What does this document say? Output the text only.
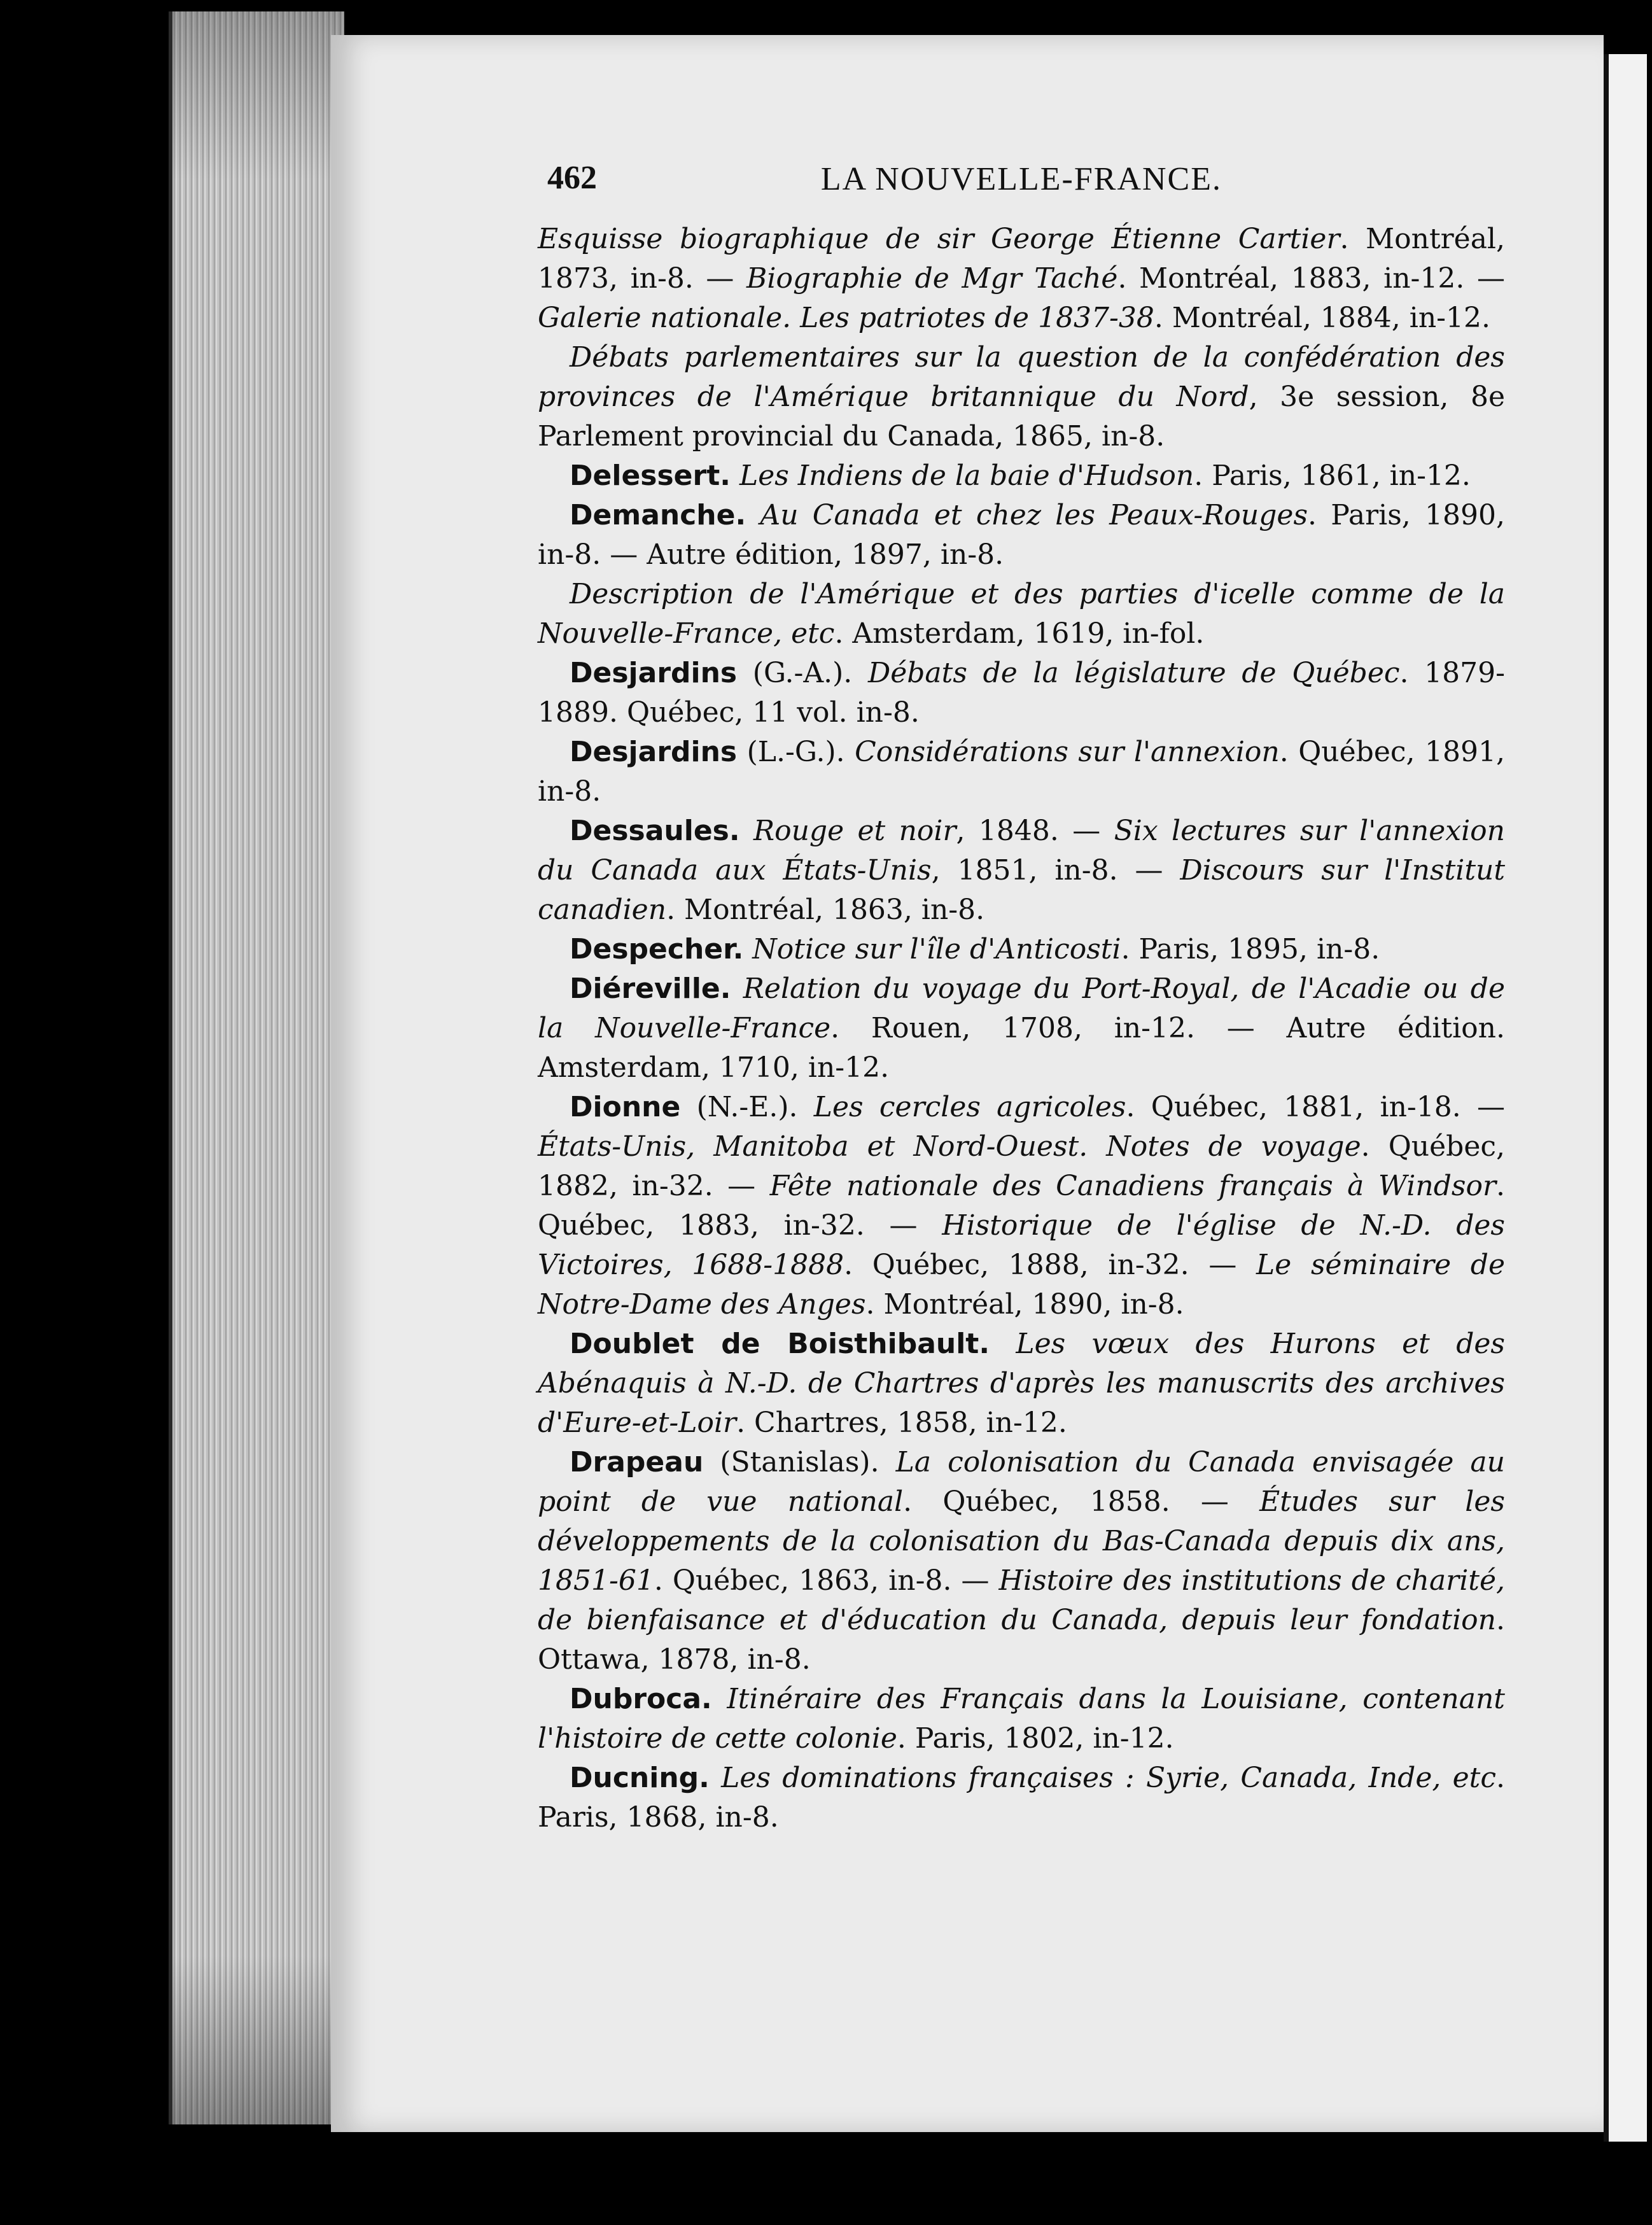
462	LA NOUVELLE-FRANCE.

Esquisse biographique de sir George Étienne Cartier. Montréal, 1873, in-8. — Biographie de Mgr Taché. Montréal, 1883, in-12. — Galerie nationale. Les patriotes de 1837-38. Montréal, 1884, in-12.

Débats parlementaires sur la question de la confédération des provinces de l'Amérique britannique du Nord, 3e session, 8e Parlement provincial du Canada, 1865, in-8.

Delessert. Les Indiens de la baie d'Hudson. Paris, 1861, in-12.

Demanche. Au Canada et chez les Peaux-Rouges. Paris, 1890, in-8. — Autre édition, 1897, in-8.

Description de l'Amérique et des parties d'icelle comme de la Nouvelle-France, etc. Amsterdam, 1619, in-fol.

Desjardins (G.-A.). Débats de la législature de Québec. 1879-1889. Québec, 11 vol. in-8.

Desjardins (L.-G.). Considérations sur l'annexion. Québec, 1891, in-8.

Dessaules. Rouge et noir, 1848. — Six lectures sur l'annexion du Canada aux États-Unis, 1851, in-8. — Discours sur l'Institut canadien. Montréal, 1863, in-8.

Despecher. Notice sur l'île d'Anticosti. Paris, 1895, in-8.

Diéreville. Relation du voyage du Port-Royal, de l'Acadie ou de la Nouvelle-France. Rouen, 1708, in-12. — Autre édition. Amsterdam, 1710, in-12.

Dionne (N.-E.). Les cercles agricoles. Québec, 1881, in-18. — États-Unis, Manitoba et Nord-Ouest. Notes de voyage. Québec, 1882, in-32. — Fête nationale des Canadiens français à Windsor. Québec, 1883, in-32. — Historique de l'église de N.-D. des Victoires, 1688-1888. Québec, 1888, in-32. — Le séminaire de Notre-Dame des Anges. Montréal, 1890, in-8.

Doublet de Boisthibault. Les vœux des Hurons et des Abénaquis à N.-D. de Chartres d'après les manuscrits des archives d'Eure-et-Loir. Chartres, 1858, in-12.

Drapeau (Stanislas). La colonisation du Canada envisagée au point de vue national. Québec, 1858. — Études sur les développements de la colonisation du Bas-Canada depuis dix ans, 1851-61. Québec, 1863, in-8. — Histoire des institutions de charité, de bienfaisance et d'éducation du Canada, depuis leur fondation. Ottawa, 1878, in-8.

Dubroca. Itinéraire des Français dans la Louisiane, contenant l'histoire de cette colonie. Paris, 1802, in-12.

Ducning. Les dominations françaises : Syrie, Canada, Inde, etc. Paris, 1868, in-8.
